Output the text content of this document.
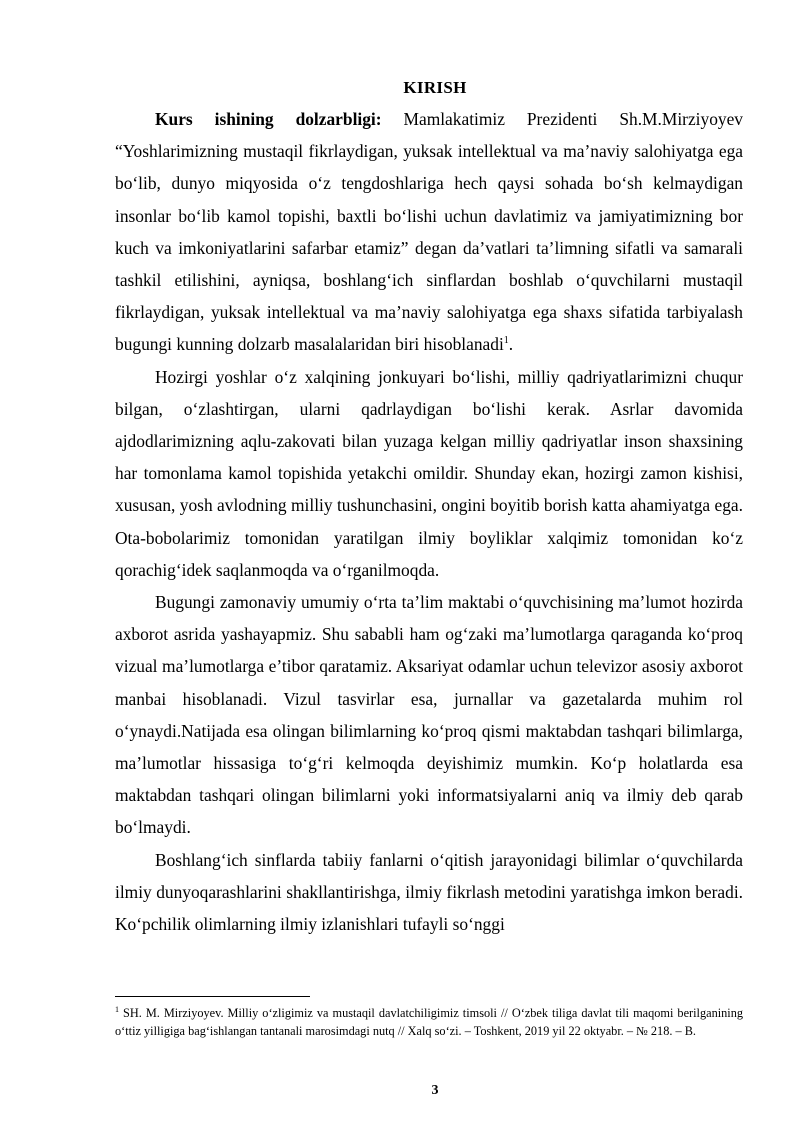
KIRISH

Kurs ishining dolzarbligi: Mamlakatimiz Prezidenti Sh.M.Mirziyoyev “Yoshlarimizning mustaqil fikrlaydigan, yuksak intellektual va ma’naviy salohiyatga ega bo‘lib, dunyo miqyosida o‘z tengdoshlariga hech qaysi sohada bo‘sh kelmaydigan insonlar bo‘lib kamol topishi, baxtli bo‘lishi uchun davlatimiz va jamiyatimizning bor kuch va imkoniyatlarini safarbar etamiz” degan da’vatlari ta’limning sifatli va samarali tashkil etilishini, ayniqsa, boshlang‘ich sinflardan boshlab o‘quvchilarni mustaqil fikrlaydigan, yuksak intellektual va ma’naviy salohiyatga ega shaxs sifatida tarbiyalash bugungi kunning dolzarb masalalaridan biri hisoblanadi$^1$.

Hozirgi yoshlar o‘z xalqining jonkuyari bo‘lishi, milliy qadriyatlarimizni chuqur bilgan, o‘zlashtirgan, ularni qadrlaydigan bo‘lishi kerak. Asrlar davomida ajdodlarimizning aqlu-zakovati bilan yuzaga kelgan milliy qadriyatlar inson shaxsining har tomonlama kamol topishida yetakchi omildir. Shunday ekan, hozirgi zamon kishisi, xususan, yosh avlodning milliy tushunchasini, ongini boyitib borish katta ahamiyatga ega. Ota-bobolarimiz tomonidan yaratilgan ilmiy boyliklar xalqimiz tomonidan ko‘z qorachig‘idek saqlanmoqda va o‘rganilmoqda.

Bugungi zamonaviy umumiy o‘rta ta’lim maktabi o‘quvchisining ma’lumot hozirda axborot asrida yashayapmiz. Shu sababli ham og‘zaki ma’lumotlarga qaraganda ko‘proq vizual ma’lumotlarga e’tibor qaratamiz. Aksariyat odamlar uchun televizor asosiy axborot manbai hisoblanadi. Vizul tasvirlar esa, jurnallar va gazetalarda muhim rol o‘ynaydi.Natijada esa olingan bilimlarning ko‘proq qismi maktabdan tashqari bilimlarga, ma’lumotlar hissasiga to‘g‘ri kelmoqda deyishimiz mumkin. Ko‘p holatlarda esa maktabdan tashqari olingan bilimlarni yoki informatsiyalarni aniq va ilmiy deb qarab bo‘lmaydi.

Boshlang‘ich sinflarda tabiiy fanlarni o‘qitish jarayonidagi bilimlar o‘quvchilarda ilmiy dunyoqarashlarini shakllantirishga, ilmiy fikrlash metodini yaratishga imkon beradi. Ko‘pchilik olimlarning ilmiy izlanishlari tufayli so‘nggi

$^1$ SH. M. Mirziyoyev. Milliy o‘zligimiz va mustaqil davlatchiligimiz timsoli // O‘zbek tiliga davlat tili maqomi berilganining o‘ttiz yilligiga bag‘ishlangan tantanali marosimdagi nutq // Xalq so‘zi. – Toshkent, 2019 yil 22 oktyabr. – № 218. – B.
3
